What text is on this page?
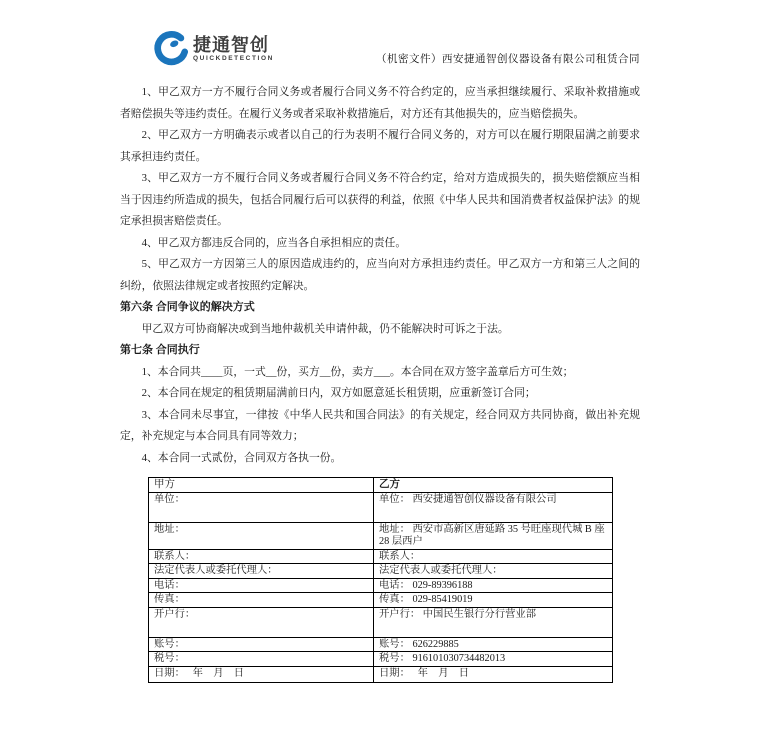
捷通智创
QUICKDETECTION	（机密文件）西安捷通智创仪器设备有限公司租赁合同

1、甲乙双方一方不履行合同义务或者履行合同义务不符合约定的，应当承担继续履行、采取补救措施或者赔偿损失等违约责任。在履行义务或者采取补救措施后，对方还有其他损失的，应当赔偿损失。

2、甲乙双方一方明确表示或者以自己的行为表明不履行合同义务的，对方可以在履行期限届满之前要求其承担违约责任。

3、甲乙双方一方不履行合同义务或者履行合同义务不符合约定，给对方造成损失的，损失赔偿额应当相当于因违约所造成的损失，包括合同履行后可以获得的利益，依照《中华人民共和国消费者权益保护法》的规定承担损害赔偿责任。

4、甲乙双方都违反合同的，应当各自承担相应的责任。

5、甲乙双方一方因第三人的原因造成违约的，应当向对方承担违约责任。甲乙双方一方和第三人之间的纠纷，依照法律规定或者按照约定解决。

第六条 合同争议的解决方式

甲乙双方可协商解决或到当地仲裁机关申请仲裁，仍不能解决时可诉之于法。

第七条 合同执行

1、本合同共____页，一式__份，买方__份，卖方___。本合同在双方签字盖章后方可生效；

2、本合同在规定的租赁期届满前日内，双方如愿意延长租赁期，应重新签订合同；

3、本合同未尽事宜，一律按《中华人民共和国合同法》的有关规定，经合同双方共同协商，做出补充规定，补充规定与本合同具有同等效力；

4、本合同一式贰份，合同双方各执一份。

甲方	乙方
单位：	单位： 西安捷通智创仪器设备有限公司
地址：	地址： 西安市高新区唐延路 35 号旺座现代城 B 座 28 层西户
联系人：	联系人：
法定代表人或委托代理人：	法定代表人或委托代理人：
电话：	电话： 029-89396188
传真：	传真： 029-85419019
开户行：	开户行： 中国民生银行分行营业部
账号：	账号： 626229885
税号：	税号： 916101030734482013
日期：　 年　月　日	日期：　 年　月　日
